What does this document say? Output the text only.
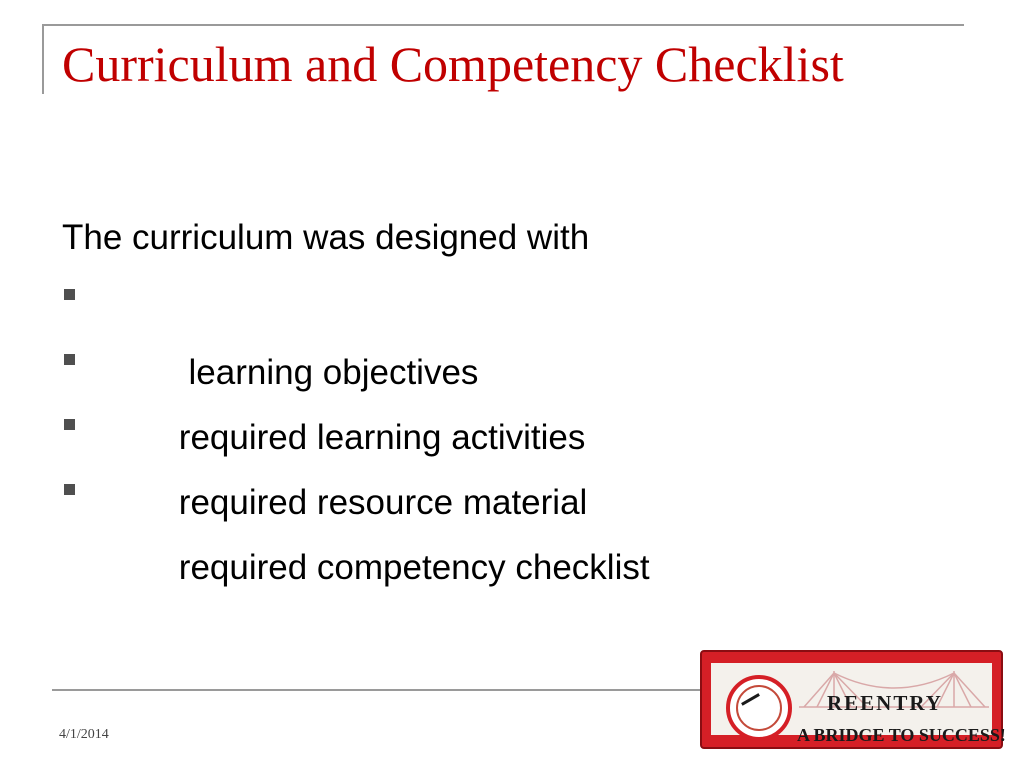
Curriculum and Competency Checklist

The curriculum was designed with

learning objectives

required learning activities

required resource material

required competency checklist

4/1/2014
REENTRY
A BRIDGE TO SUCCESS!
